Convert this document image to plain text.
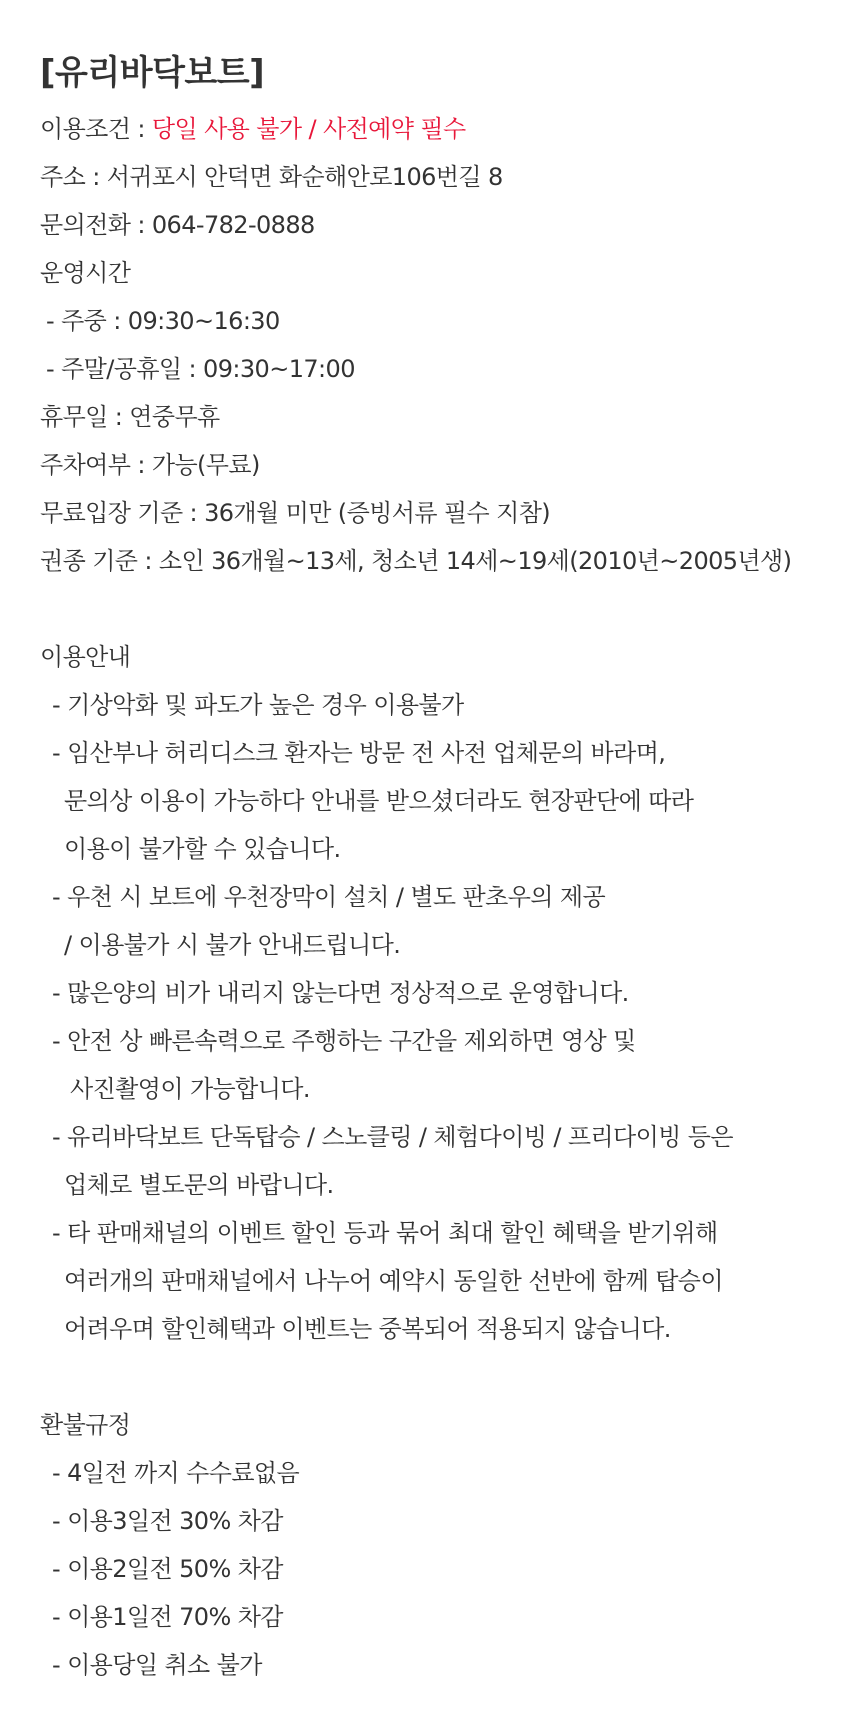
[유리바닥보트]
이용조건 : 당일 사용 불가 / 사전예약 필수
주소 : 서귀포시 안덕면 화순해안로106번길 8
문의전화 : 064-782-0888
운영시간
- 주중 : 09:30~16:30
- 주말/공휴일 : 09:30~17:00
휴무일 : 연중무휴
주차여부 : 가능(무료)
무료입장 기준 : 36개월 미만 (증빙서류 필수 지참)
권종 기준 : 소인 36개월~13세, 청소년 14세~19세(2010년~2005년생)
이용안내
- 기상악화 및 파도가 높은 경우 이용불가
- 임산부나 허리디스크 환자는 방문 전 사전 업체문의 바라며,
문의상 이용이 가능하다 안내를 받으셨더라도 현장판단에 따라
이용이 불가할 수 있습니다.
- 우천 시 보트에 우천장막이 설치 / 별도 판초우의 제공
/ 이용불가 시 불가 안내드립니다.
- 많은양의 비가 내리지 않는다면 정상적으로 운영합니다.
- 안전 상 빠른속력으로 주행하는 구간을 제외하면 영상 및
사진촬영이 가능합니다.
- 유리바닥보트 단독탑승 / 스노클링 / 체험다이빙 / 프리다이빙 등은
업체로 별도문의 바랍니다.
- 타 판매채널의 이벤트 할인 등과 묶어 최대 할인 혜택을 받기위해
여러개의 판매채널에서 나누어 예약시 동일한 선반에 함께 탑승이
어려우며 할인혜택과 이벤트는 중복되어 적용되지 않습니다.
환불규정
- 4일전 까지 수수료없음
- 이용3일전 30% 차감
- 이용2일전 50% 차감
- 이용1일전 70% 차감
- 이용당일 취소 불가
